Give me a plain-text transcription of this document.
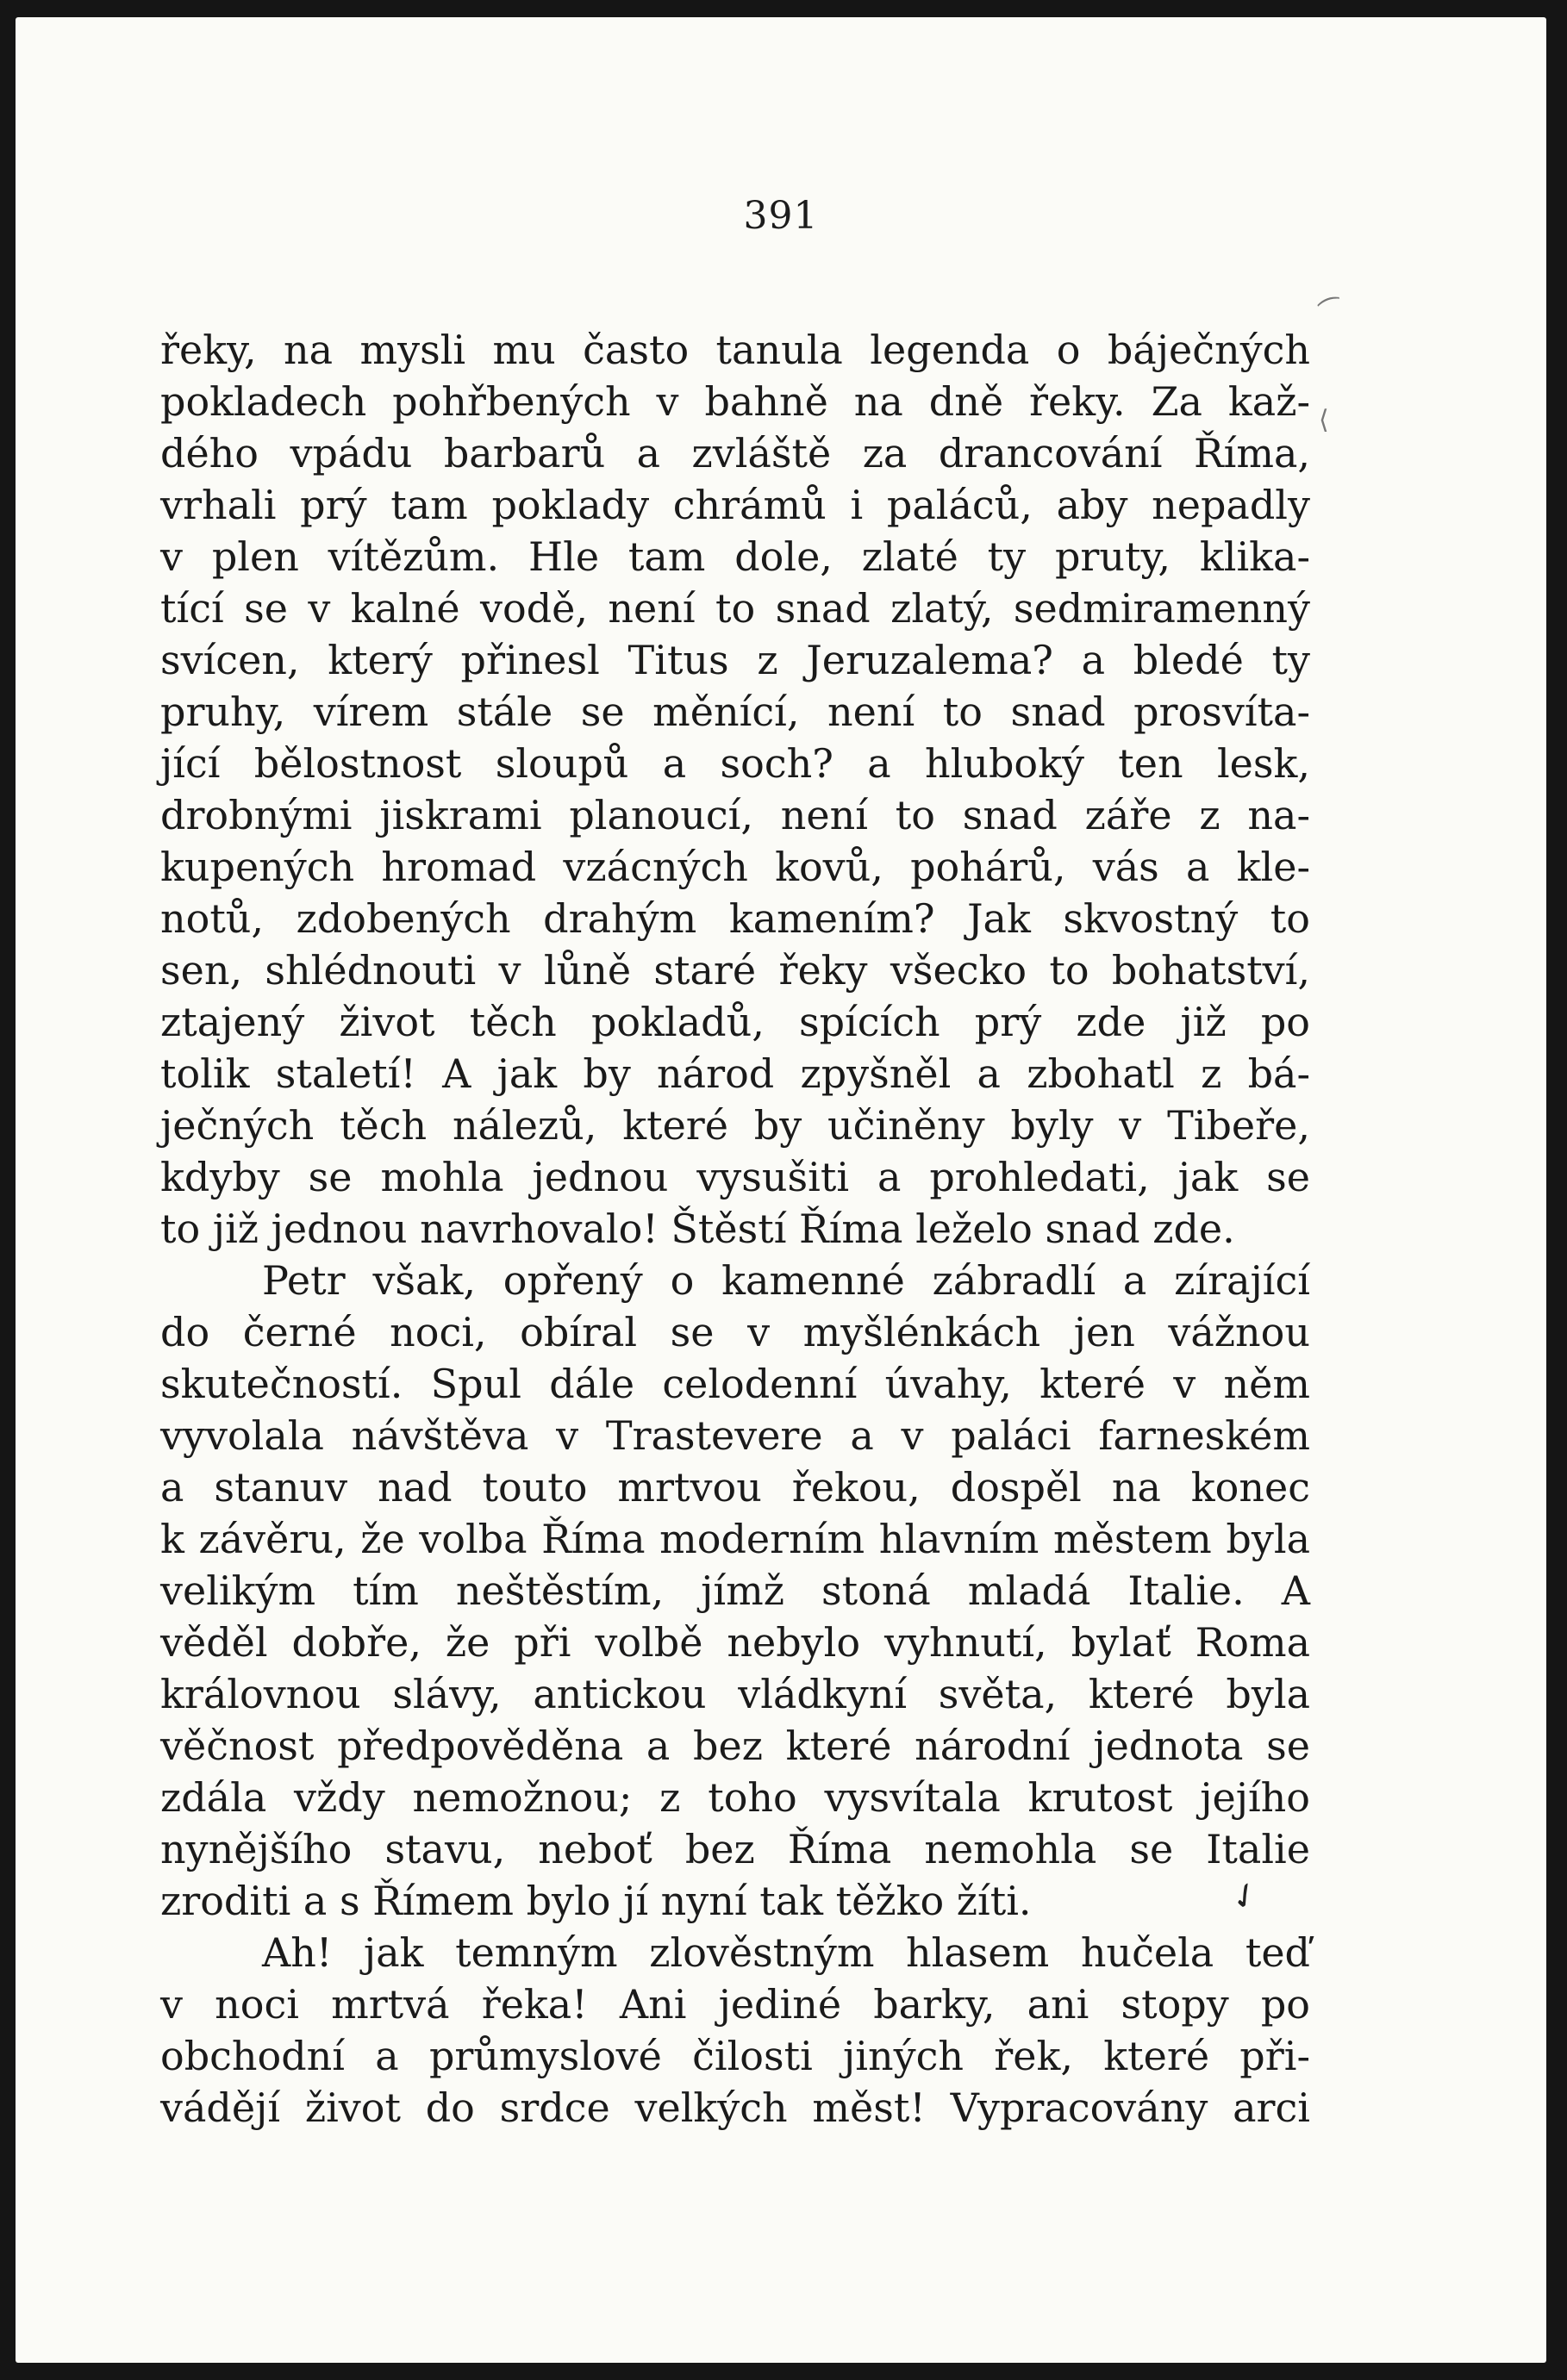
391
řeky, na mysli mu často tanula legenda o báječných
pokladech pohřbených v bahně na dně řeky. Za kaž-
dého vpádu barbarů a zvláště za drancování Říma,
vrhali prý tam poklady chrámů i paláců, aby nepadly
v plen vítězům. Hle tam dole, zlaté ty pruty, klika-
tící se v kalné vodě, není to snad zlatý, sedmiramenný
svícen, který přinesl Titus z Jeruzalema? a bledé ty
pruhy, vírem stále se měnící, není to snad prosvíta-
jící bělostnost sloupů a soch? a hluboký ten lesk,
drobnými jiskrami planoucí, není to snad záře z na-
kupených hromad vzácných kovů, pohárů, vás a kle-
notů, zdobených drahým kamením? Jak skvostný to
sen, shlédnouti v lůně staré řeky všecko to bohatství,
ztajený život těch pokladů, spících prý zde již po
tolik staletí! A jak by národ zpyšněl a zbohatl z bá-
ječných těch nálezů, které by učiněny byly v Tibeře,
kdyby se mohla jednou vysušiti a prohledati, jak se
to již jednou navrhovalo! Štěstí Říma leželo snad zde.
Petr však, opřený o kamenné zábradlí a zírající
do černé noci, obíral se v myšlénkách jen vážnou
skutečností. Spul dále celodenní úvahy, které v něm
vyvolala návštěva v Trastevere a v paláci farneském
a stanuv nad touto mrtvou řekou, dospěl na konec
k závěru, že volba Říma moderním hlavním městem byla
velikým tím neštěstím, jímž stoná mladá Italie. A
věděl dobře, že při volbě nebylo vyhnutí, bylať Roma
královnou slávy, antickou vládkyní světa, které byla
věčnost předpověděna a bez které národní jednota se
zdála vždy nemožnou; z toho vysvítala krutost jejího
nynějšího stavu, neboť bez Říma nemohla se Italie
zroditi a s Římem bylo jí nyní tak těžko žíti.
Ah! jak temným zlověstným hlasem hučela teď
v noci mrtvá řeka! Ani jediné barky, ani stopy po
obchodní a průmyslové čilosti jiných řek, které při-
vádějí život do srdce velkých měst! Vypracovány arci
⁀
⟨
✓
